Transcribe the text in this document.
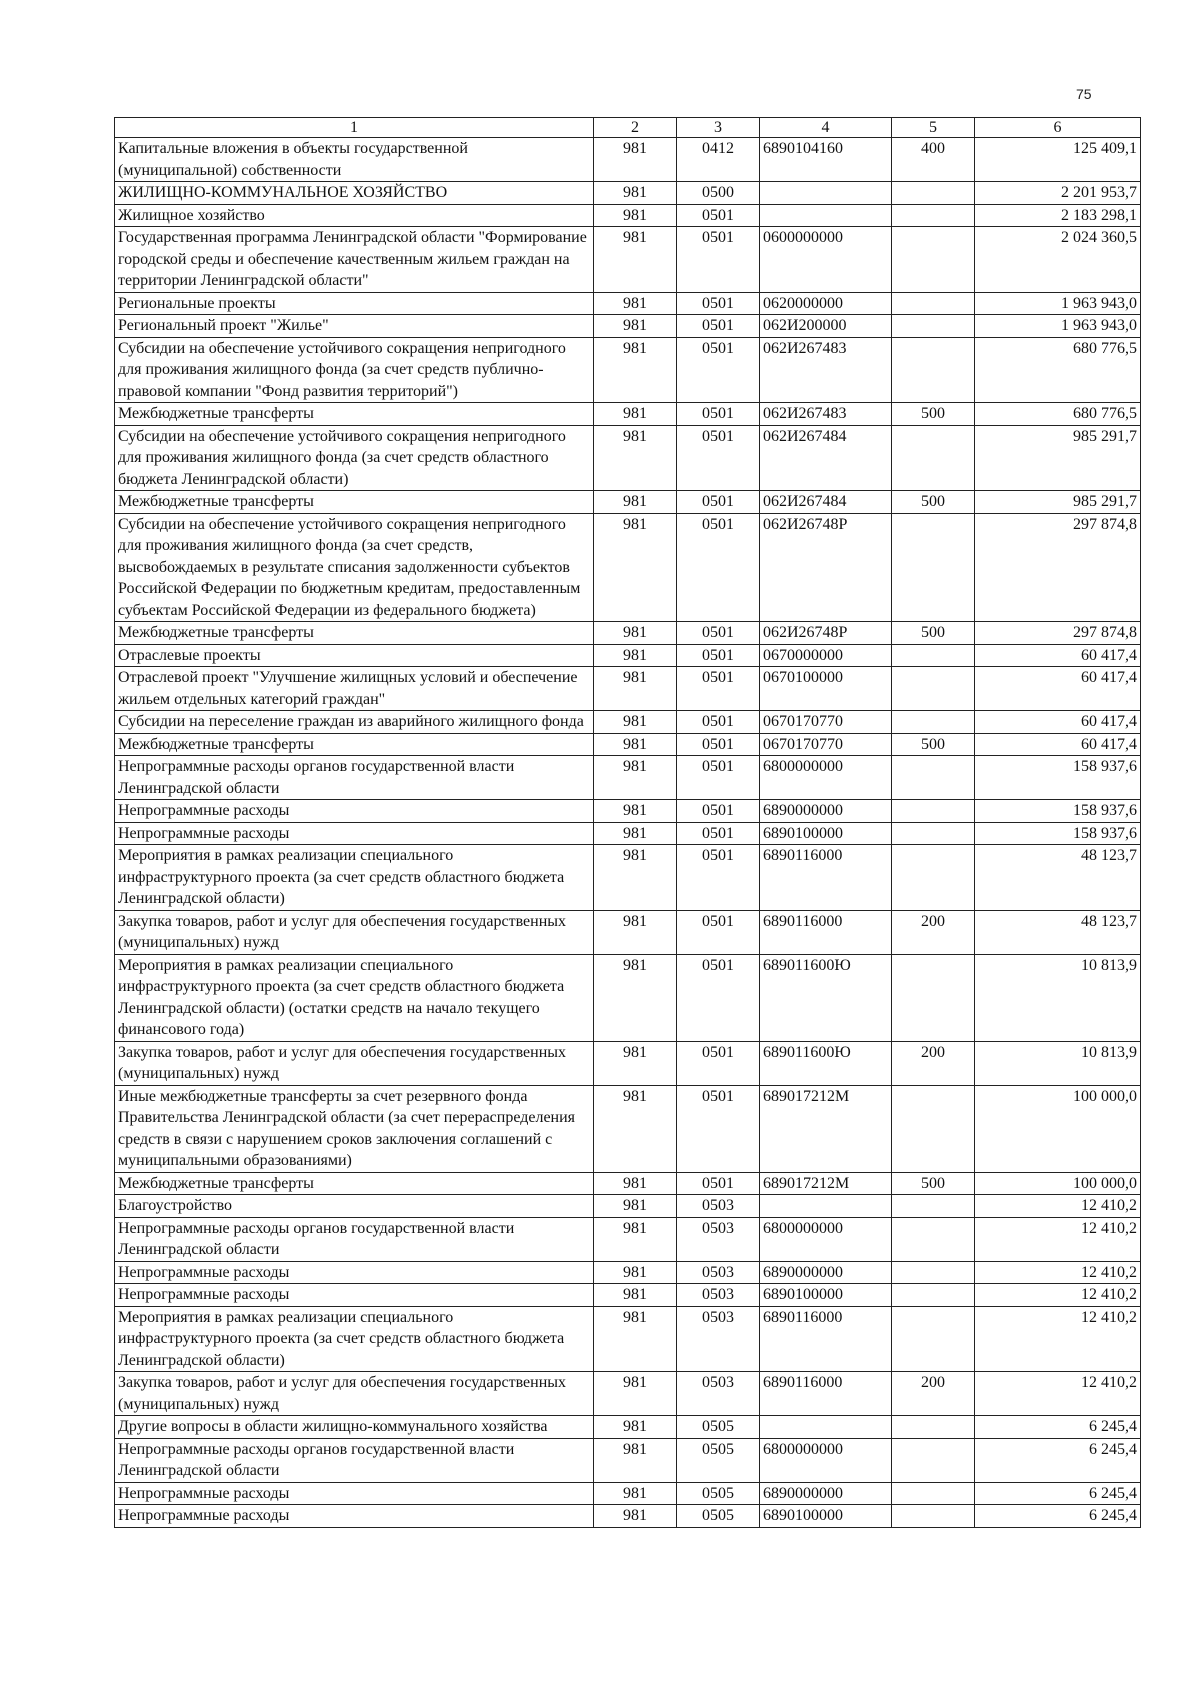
75
1	2	3	4	5	6
Капитальные вложения в объекты государственной (муниципальной) собственности	981	0412	6890104160	400	125 409,1
ЖИЛИЩНО-КОММУНАЛЬНОЕ ХОЗЯЙСТВО	981	0500			2 201 953,7
Жилищное хозяйство	981	0501			2 183 298,1
Государственная программа Ленинградской области "Формирование городской среды и обеспечение качественным жильем граждан на территории Ленинградской области"	981	0501	0600000000		2 024 360,5
Региональные проекты	981	0501	0620000000		1 963 943,0
Региональный проект "Жилье"	981	0501	062И200000		1 963 943,0
Субсидии на обеспечение устойчивого сокращения непригодного для проживания жилищного фонда (за счет средств публично-правовой компании "Фонд развития территорий")	981	0501	062И267483		680 776,5
Межбюджетные трансферты	981	0501	062И267483	500	680 776,5
Субсидии на обеспечение устойчивого сокращения непригодного для проживания жилищного фонда (за счет средств областного бюджета Ленинградской области)	981	0501	062И267484		985 291,7
Межбюджетные трансферты	981	0501	062И267484	500	985 291,7
Субсидии на обеспечение устойчивого сокращения непригодного для проживания жилищного фонда (за счет средств, высвобождаемых в результате списания задолженности субъектов Российской Федерации по бюджетным кредитам, предоставленным субъектам Российской Федерации из федерального бюджета)	981	0501	062И26748Р		297 874,8
Межбюджетные трансферты	981	0501	062И26748Р	500	297 874,8
Отраслевые проекты	981	0501	0670000000		60 417,4
Отраслевой проект "Улучшение жилищных условий и обеспечение жильем отдельных категорий граждан"	981	0501	0670100000		60 417,4
Субсидии на переселение граждан из аварийного жилищного фонда	981	0501	0670170770		60 417,4
Межбюджетные трансферты	981	0501	0670170770	500	60 417,4
Непрограммные расходы органов государственной власти Ленинградской области	981	0501	6800000000		158 937,6
Непрограммные расходы	981	0501	6890000000		158 937,6
Непрограммные расходы	981	0501	6890100000		158 937,6
Мероприятия в рамках реализации специального инфраструктурного проекта (за счет средств областного бюджета Ленинградской области)	981	0501	6890116000		48 123,7
Закупка товаров, работ и услуг для обеспечения государственных (муниципальных) нужд	981	0501	6890116000	200	48 123,7
Мероприятия в рамках реализации специального инфраструктурного проекта (за счет средств областного бюджета Ленинградской области) (остатки средств на начало текущего финансового года)	981	0501	689011600Ю		10 813,9
Закупка товаров, работ и услуг для обеспечения государственных (муниципальных) нужд	981	0501	689011600Ю	200	10 813,9
Иные межбюджетные трансферты за счет резервного фонда Правительства Ленинградской области (за счет перераспределения средств в связи с нарушением сроков заключения соглашений с муниципальными образованиями)	981	0501	689017212М		100 000,0
Межбюджетные трансферты	981	0501	689017212М	500	100 000,0
Благоустройство	981	0503			12 410,2
Непрограммные расходы органов государственной власти Ленинградской области	981	0503	6800000000		12 410,2
Непрограммные расходы	981	0503	6890000000		12 410,2
Непрограммные расходы	981	0503	6890100000		12 410,2
Мероприятия в рамках реализации специального инфраструктурного проекта (за счет средств областного бюджета Ленинградской области)	981	0503	6890116000		12 410,2
Закупка товаров, работ и услуг для обеспечения государственных (муниципальных) нужд	981	0503	6890116000	200	12 410,2
Другие вопросы в области жилищно-коммунального хозяйства	981	0505			6 245,4
Непрограммные расходы органов государственной власти Ленинградской области	981	0505	6800000000		6 245,4
Непрограммные расходы	981	0505	6890000000		6 245,4
Непрограммные расходы	981	0505	6890100000		6 245,4
